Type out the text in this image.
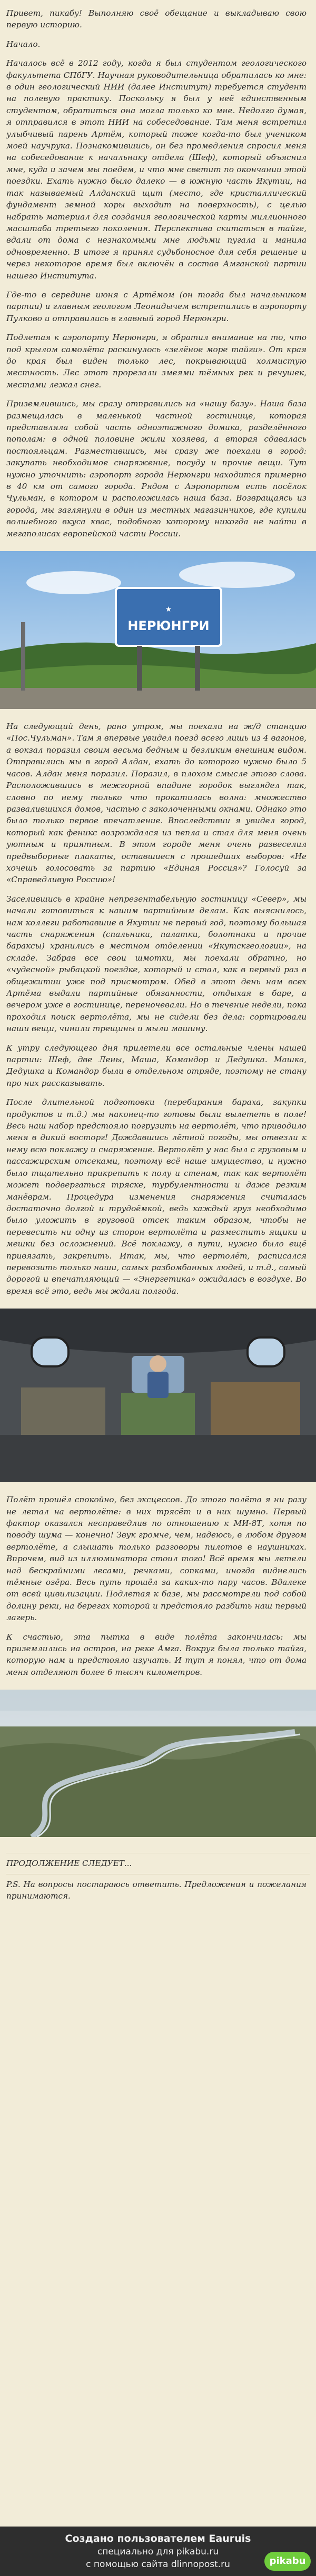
Привет, пикабу! Выполняю своё обещание и выкладываю свою первую историю.

Начало.

Началось всё в 2012 году, когда я был студентом геологического факультета СПбГУ. Научная руководительница обратилась ко мне: в один геологический НИИ (далее Институт) требуется студент на полевую практику. Поскольку я был у неё единственным студентом, обратиться она могла только ко мне. Недолго думая, я отправился в этот НИИ на собеседование. Там меня встретил улыбчивый парень Артём, который тоже когда-то был учеником моей научрука. Познакомившись, он без промедления спросил меня на собеседование к начальнику отдела (Шеф), который объяснил мне, куда и зачем мы поедем, и что мне светит по окончании этой поездки. Ехать нужно было далеко — в южную часть Якутии, на так называемый Алданский щит (место, где кристаллический фундамент земной коры выходит на поверхность), с целью набрать материал для создания геологической карты миллионного масштаба третьего поколения. Перспектива скитаться в тайге, вдали от дома с незнакомыми мне людьми пугала и манила одновременно. В итоге я принял судьбоносное для себя решение и через некоторое время был включён в состав Амганской партии нашего Института.

Где-то в середине июня с Артёмом (он тогда был начальником партии) и главным геологом Леонидычем встретились в аэропорту Пулково и отправились в главный город Нерюнгри.

Подлетая к аэропорту Нерюнгри, я обратил внимание на то, что под крылом самолёта раскинулось «зелёное море тайги». От края до края был виден только лес, покрывающий холмистую местность. Лес этот прорезали змеями тёмных рек и речушек, местами лежал снег.

Приземлившись, мы сразу отправились на «нашу базу». Наша база размещалась в маленькой частной гостинице, которая представляла собой часть одноэтажного домика, разделённого пополам: в одной половине жили хозяева, а вторая сдавалась постояльцам. Разместившись, мы сразу же поехали в город: закупать необходимое снаряжение, посуду и прочие вещи. Тут нужно уточнить: аэропорт города Нерюнгри находится примерно в 40 км от самого города. Рядом с Аэропортом есть посёлок Чульман, в котором и расположилась наша база. Возвращаясь из города, мы заглянули в один из местных магазинчиков, где купили волшебного вкуса квас, подобного которому никогда не найти в мегаполисах европейской части России.

★
НЕРЮНГРИ

На следующий день, рано утром, мы поехали на ж/д станцию «Пос.Чульман». Там я впервые увидел поезд всего лишь из 4 вагонов, а вокзал поразил своим весьма бедным и безликим внешним видом. Отправились мы в город Алдан, ехать до которого нужно было 5 часов. Алдан меня поразил. Поразил, в плохом смысле этого слова. Расположившись в межгорной впадине городок выглядел так, словно по нему только что прокатилась волна: множество развалившихся домов, частью с заколоченными окнами. Однако это было только первое впечатление. Впоследствии я увидел город, который как феникс возрождался из пепла и стал для меня очень уютным и приятным. В этом городе меня очень развеселил предвыборные плакаты, оставшиеся с прошедших выборов: «Не хочешь голосовать за партию «Единая Россия»? Голосуй за «Справедливую Россию»!

Заселившись в крайне непрезентабельную гостиницу «Север», мы начали готовиться к нашим партийным делам. Как выяснилось, нам коллеги работавшие в Якутии не первый год, поэтому большая часть снаряжения (спальники, палатки, болотники и прочие бараксы) хранились в местном отделении «Якутскгеологии», на складе. Забрав все свои шмотки, мы поехали обратно, но «чудесной» рыбацкой поездке, который и стал, как в первый раз в общежитии уже под присмотром. Обед в этот день нам всех Артёма выдали партийные обязанности, отдыхая в баре, а вечером уже в гостинице, переночевали. Но в течение недели, пока проходил поиск вертолёта, мы не сидели без дела: сортировали наши вещи, чинили трещины и мыли машину.

К утру следующего дня прилетели все остальные члены нашей партии: Шеф, две Лены, Маша, Командор и Дедушка. Машка, Дедушка и Командор были в отдельном отряде, поэтому не стану про них рассказывать.

После длительной подготовки (перебирания бараха, закупки продуктов и т.д.) мы наконец-то готовы были вылететь в поле! Весь наш набор предстояло погрузить на вертолёт, что приводило меня в дикий восторг! Дождавшись лётной погоды, мы отвезли к нему всю поклажу и снаряжение. Вертолёт у нас был с грузовым и пассажирским отсеками, поэтому всё наше имущество, и нужно было тщательно прикрепить к полу и стенам, так как вертолёт может подвергаться тряске, турбулентности и даже резким манёврам. Процедура изменения снаряжения считалась достаточно долгой и трудоёмкой, ведь каждый груз необходимо было уложить в грузовой отсек таким образом, чтобы не перевесить ни одну из сторон вертолёта и разместить ящики и мешки без осложнений. Всё поклажу, в пути, нужно было ещё привязать, закрепить. Итак, мы, что вертолёт, расписался перевозить только наши, самых разбомбанных людей, и т.д., самый дорогой и впечатляющий — «Энергетика» ожидалась в воздухе. Во время всё это, ведь мы ждали полгода.

Полёт прошёл спокойно, без эксцессов. До этого полёта я ни разу не летал на вертолёте: в них трясёт и в них шумно. Первый фактор оказался несправедлив по отношению к МИ-8Т, хотя по поводу шума — конечно! Звук громче, чем, надеюсь, в любом другом вертолёте, а слышать только разговоры пилотов в наушниках. Впрочем, вид из иллюминатора стоил того! Всё время мы летели над бескрайними лесами, речками, сопками, иногда виднелись тёмные озёра. Весь путь прошёл за каких-то пару часов. Вдалеке от всей цивилизации. Подлетая к базе, мы рассмотрели под собой долину реки, на берегах которой и предстояло разбить наш первый лагерь.

К счастью, эта пытка в виде полёта закончилась: мы приземлились на остров, на реке Амга. Вокруг была только тайга, которую нам и предстояло изучать. И тут я понял, что от дома меня отделяют более 6 тысяч километров.

ПРОДОЛЖЕНИЕ СЛЕДУЕТ...

P.S. На вопросы постараюсь ответить. Предложения и пожелания принимаются.

Создано пользователем Eauruis
специально для pikabu.ru
с помощью сайта dlinnopost.ru	pikabu
